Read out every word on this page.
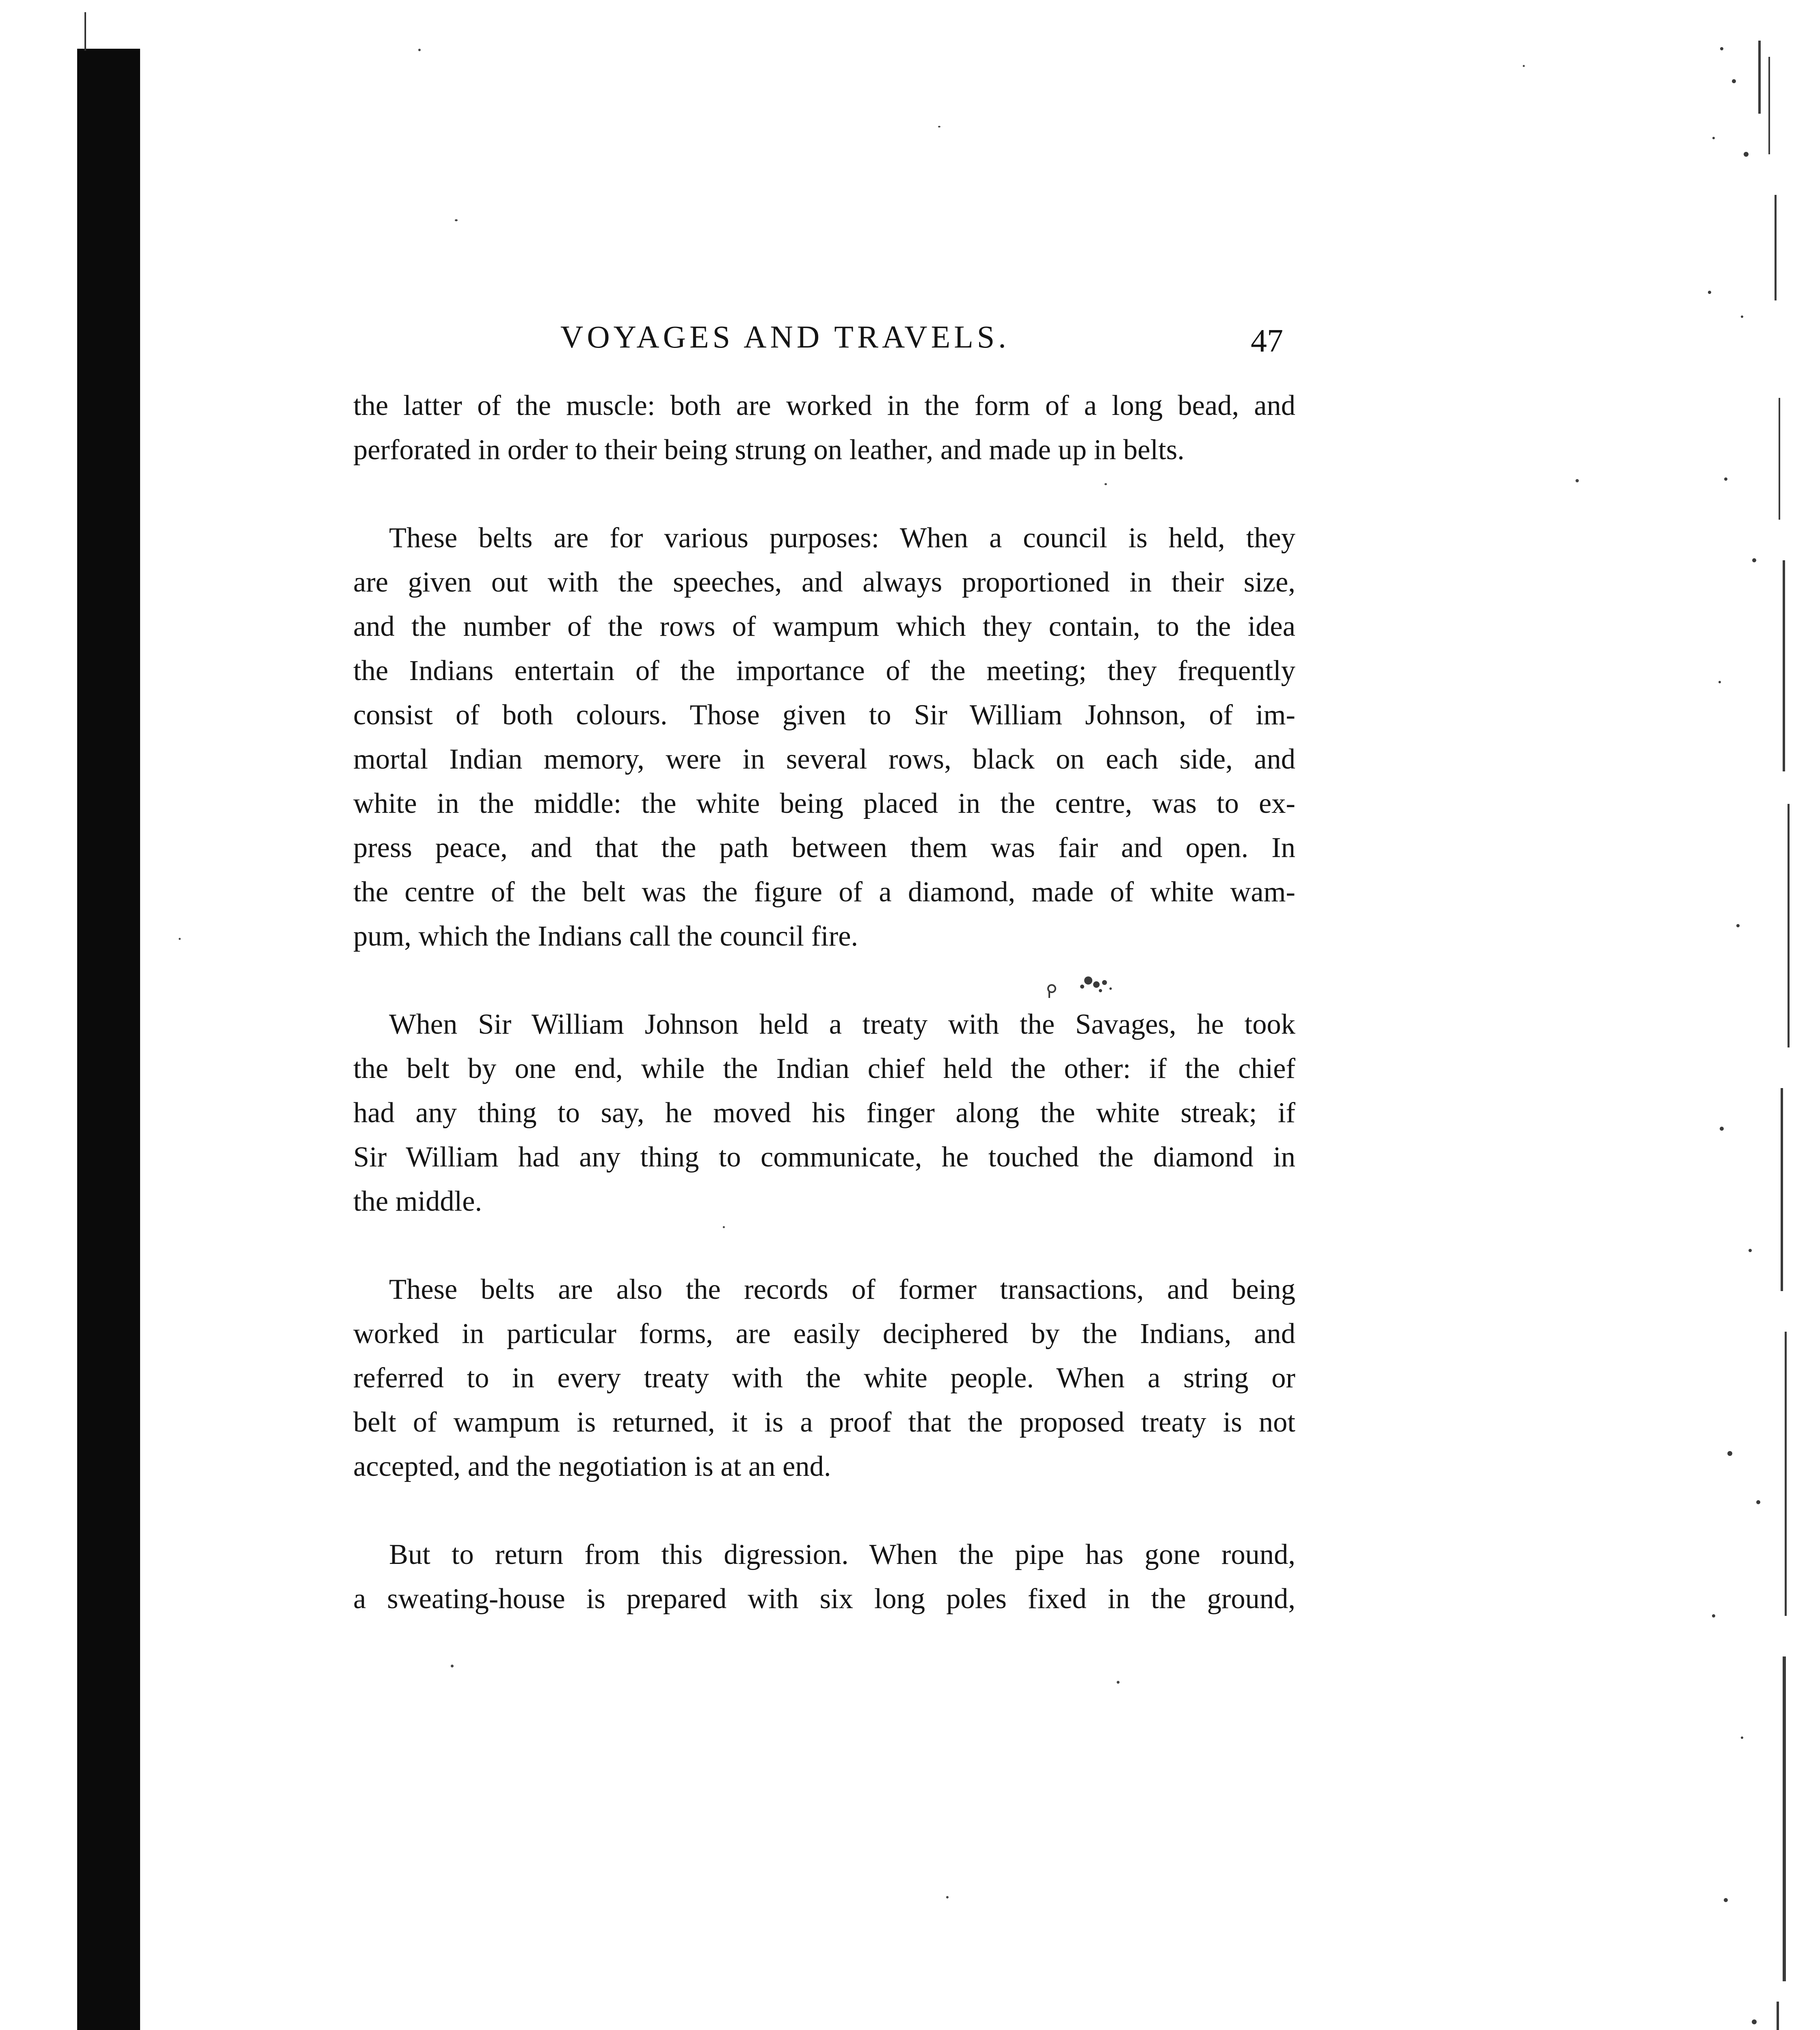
VOYAGES AND TRAVELS.	47

the latter of the muscle: both are worked in the form of a long bead, and
perforated in order to their being strung on leather, and made up in belts.

These belts are for various purposes: When a council is held, they
are given out with the speeches, and always proportioned in their size,
and the number of the rows of wampum which they contain, to the idea
the Indians entertain of the importance of the meeting; they frequently
consist of both colours. Those given to Sir William Johnson, of im-
mortal Indian memory, were in several rows, black on each side, and
white in the middle: the white being placed in the centre, was to ex-
press peace, and that the path between them was fair and open. In
the centre of the belt was the figure of a diamond, made of white wam-
pum, which the Indians call the council fire.

When Sir William Johnson held a treaty with the Savages, he took
the belt by one end, while the Indian chief held the other: if the chief
had any thing to say, he moved his finger along the white streak; if
Sir William had any thing to communicate, he touched the diamond in
the middle.

These belts are also the records of former transactions, and being
worked in particular forms, are easily deciphered by the Indians, and
referred to in every treaty with the white people. When a string or
belt of wampum is returned, it is a proof that the proposed treaty is not
accepted, and the negotiation is at an end.

But to return from this digression. When the pipe has gone round,
a sweating-house is prepared with six long poles fixed in the ground,
